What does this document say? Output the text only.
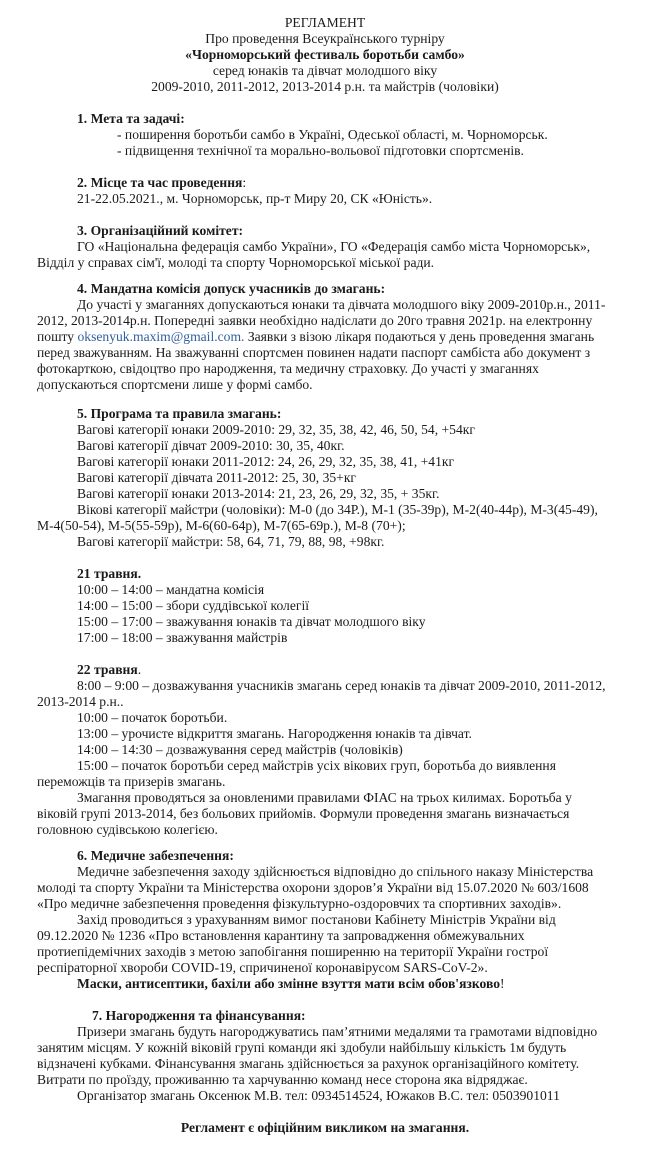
РЕГЛАМЕНТ
Про проведення Всеукраїнського турніру
«Чорноморський фестиваль боротьби самбо»
серед юнаків та дівчат молодшого віку
2009-2010, 2011-2012, 2013-2014 р.н. та майстрів (чоловіки)
1. Мета та задачі:
- поширення боротьби самбо в Україні, Одеської області, м. Чорноморськ.
- підвищення технічної та морально-вольової підготовки спортсменів.
2. Місце та час проведення:
21-22.05.2021., м. Чорноморськ, пр-т Миру 20, СК «Юність».
3. Організаційний комітет:
ГО «Національна федерація самбо України», ГО «Федерація самбо міста Чорноморськ»,
Відділ у справах сім'ї, молоді та спорту Чорноморської міської ради.
4. Мандатна комісія допуск учасників до змагань:
До участі у змаганнях допускаються юнаки та дівчата молодшого віку 2009-2010р.н., 2011-
2012, 2013-2014р.н. Попередні заявки необхідно надіслати до 20го травня 2021р. на електронну
пошту oksenyuk.maxim@gmail.com. Заявки з візою лікаря подаються у день проведення змагань
перед зважуванням. На зважуванні спортсмен повинен надати паспорт самбіста або документ з
фотокарткою, свідоцтво про народження, та медичну страховку. До участі у змаганнях
допускаються спортсмени лише у формі самбо.
5. Програма та правила змагань:
Вагові категорії юнаки 2009-2010: 29, 32, 35, 38, 42, 46, 50, 54, +54кг
Вагові категорії дівчат 2009-2010: 30, 35, 40кг.
Вагові категорії юнаки 2011-2012: 24, 26, 29, 32, 35, 38, 41, +41кг
Вагові категорії дівчата 2011-2012: 25, 30, 35+кг
Вагові категорії юнаки 2013-2014: 21, 23, 26, 29, 32, 35, + 35кг.
Вікові категорії майстри (чоловіки): М-0 (до 34Р.), М-1 (35-39р), М-2(40-44р), М-3(45-49),
М-4(50-54), М-5(55-59р), М-6(60-64р), М-7(65-69р.), М-8 (70+);
Вагові категорії майстри: 58, 64, 71, 79, 88, 98, +98кг.
21 травня.
10:00 – 14:00 – мандатна комісія
14:00 – 15:00 – збори суддівської колегії
15:00 – 17:00 – зважування юнаків та дівчат молодшого віку
17:00 – 18:00 – зважування майстрів
22 травня.
8:00 – 9:00 – дозважування учасників змагань серед юнаків та дівчат 2009-2010, 2011-2012,
2013-2014 р.н..
10:00 – початок боротьби.
13:00 – урочисте відкриття змагань. Нагородження юнаків та дівчат.
14:00 – 14:30 – дозважування серед майстрів (чоловіків)
15:00 – початок боротьби серед майстрів усіх вікових груп, боротьба до виявлення
переможців та призерів змагань.
Змагання проводяться за оновленими правилами ФІАС на трьох килимах. Боротьба у
віковій групі 2013-2014, без больових прийомів. Формули проведення змагань визначається
головною судівською колегією.
6. Медичне забезпечення:
Медичне забезпечення заходу здійснюється відповідно до спільного наказу Міністерства
молоді та спорту України та Міністерства охорони здоров’я України від 15.07.2020 № 603/1608
«Про медичне забезпечення проведення фізкультурно-оздоровчих та спортивних заходів».
Захід проводиться з урахуванням вимог постанови Кабінету Міністрів України від
09.12.2020 № 1236 «Про встановлення карантину та запровадження обмежувальних
протиепідемічних заходів з метою запобігання поширенню на території України гострої
респіраторної хвороби COVID-19, спричиненої коронавірусом SARS-CoV-2».
Маски, антисептики, бахіли або змінне взуття мати всім обов'язково!
7. Нагородження та фінансування:
Призери змагань будуть нагороджуватись пам’ятними медалями та грамотами відповідно
занятим місцям. У кожній віковій групі команди які здобули найбільшу кількість 1м будуть
відзначені кубками. Фінансування змагань здійснюється за рахунок організаційного комітету.
Витрати по проїзду, проживанню та харчуванню команд несе сторона яка відряджає.
Організатор змагань Оксенюк М.В. тел: 0934514524, Южаков В.С. тел: 0503901011
Регламент є офіційним викликом на змагання.
